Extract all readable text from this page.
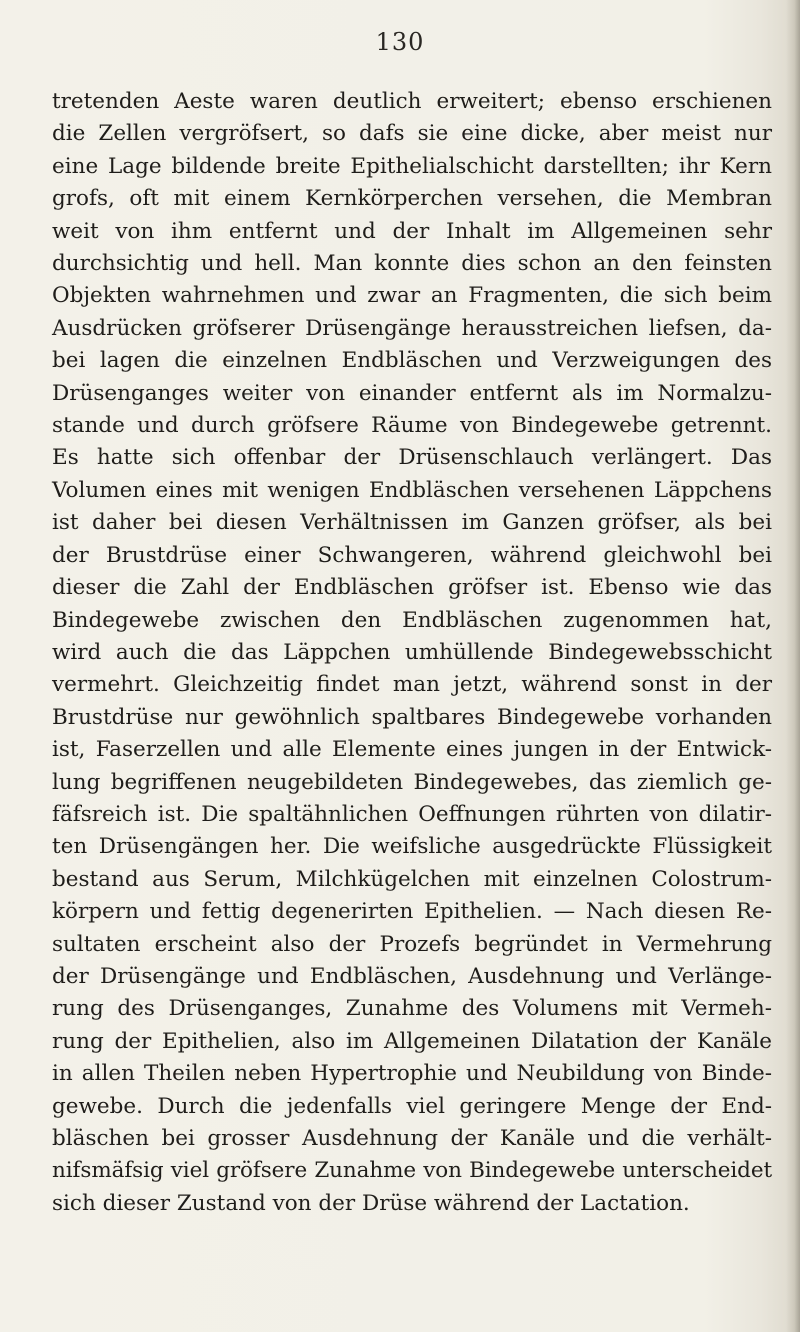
130

tretenden Aeste waren deutlich erweitert; ebenso erschienen
die Zellen vergröfsert, so dafs sie eine dicke, aber meist nur
eine Lage bildende breite Epithelialschicht darstellten; ihr Kern
grofs, oft mit einem Kernkörperchen versehen, die Membran
weit von ihm entfernt und der Inhalt im Allgemeinen sehr
durchsichtig und hell. Man konnte dies schon an den feinsten
Objekten wahrnehmen und zwar an Fragmenten, die sich beim
Ausdrücken gröfserer Drüsengänge herausstreichen liefsen, da-
bei lagen die einzelnen Endbläschen und Verzweigungen des
Drüsenganges weiter von einander entfernt als im Normalzu-
stande und durch gröfsere Räume von Bindegewebe getrennt.
Es hatte sich offenbar der Drüsenschlauch verlängert. Das
Volumen eines mit wenigen Endbläschen versehenen Läppchens
ist daher bei diesen Verhältnissen im Ganzen gröfser, als bei
der Brustdrüse einer Schwangeren, während gleichwohl bei
dieser die Zahl der Endbläschen gröfser ist. Ebenso wie das
Bindegewebe zwischen den Endbläschen zugenommen hat,
wird auch die das Läppchen umhüllende Bindegewebsschicht
vermehrt. Gleichzeitig findet man jetzt, während sonst in der
Brustdrüse nur gewöhnlich spaltbares Bindegewebe vorhanden
ist, Faserzellen und alle Elemente eines jungen in der Entwick-
lung begriffenen neugebildeten Bindegewebes, das ziemlich ge-
fäfsreich ist. Die spaltähnlichen Oeffnungen rührten von dilatir-
ten Drüsengängen her. Die weifsliche ausgedrückte Flüssigkeit
bestand aus Serum, Milchkügelchen mit einzelnen Colostrum-
körpern und fettig degenerirten Epithelien. — Nach diesen Re-
sultaten erscheint also der Prozefs begründet in Vermehrung
der Drüsengänge und Endbläschen, Ausdehnung und Verlänge-
rung des Drüsenganges, Zunahme des Volumens mit Vermeh-
rung der Epithelien, also im Allgemeinen Dilatation der Kanäle
in allen Theilen neben Hypertrophie und Neubildung von Binde-
gewebe. Durch die jedenfalls viel geringere Menge der End-
bläschen bei grosser Ausdehnung der Kanäle und die verhält-
nifsmäfsig viel gröfsere Zunahme von Bindegewebe unterscheidet
sich dieser Zustand von der Drüse während der Lactation.
